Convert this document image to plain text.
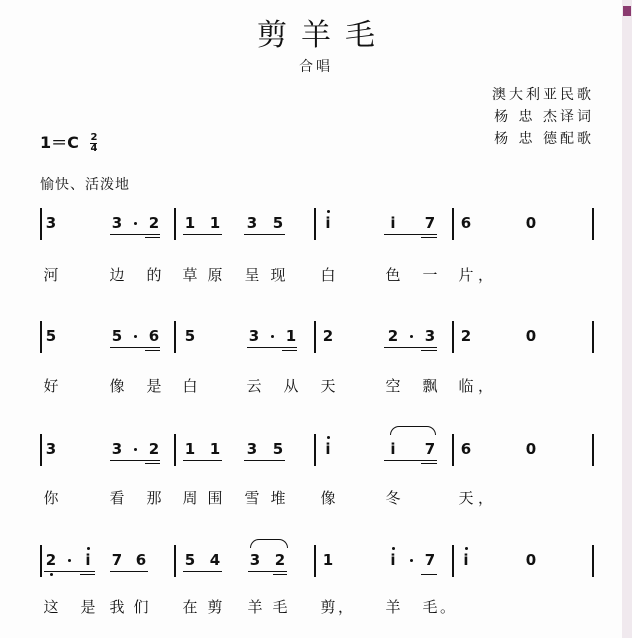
剪羊毛
合唱
澳大利亚民歌
杨 忠 杰译词
杨 忠 德配歌
$1=C \frac{2}{4}$
愉快、活泼地
3	3 2 1 1 3 5	i	i 7 6	0
河	边 的 草 原 呈 现 白	色 一 片
5	5 6 5	3 1 2	2 3 2	0
好	像 是 白	云 从 天	空 飘 临
3	3 2 1 1 3 5	i	i 7 6	0
你	看 那 周 围 雪 堆 像	冬	天
2 i 7 6	5 4 3 2	1	i 7 i	0
这 是 我 们 在 剪 羊 毛 剪	羊 毛
，
，
，
，	。
